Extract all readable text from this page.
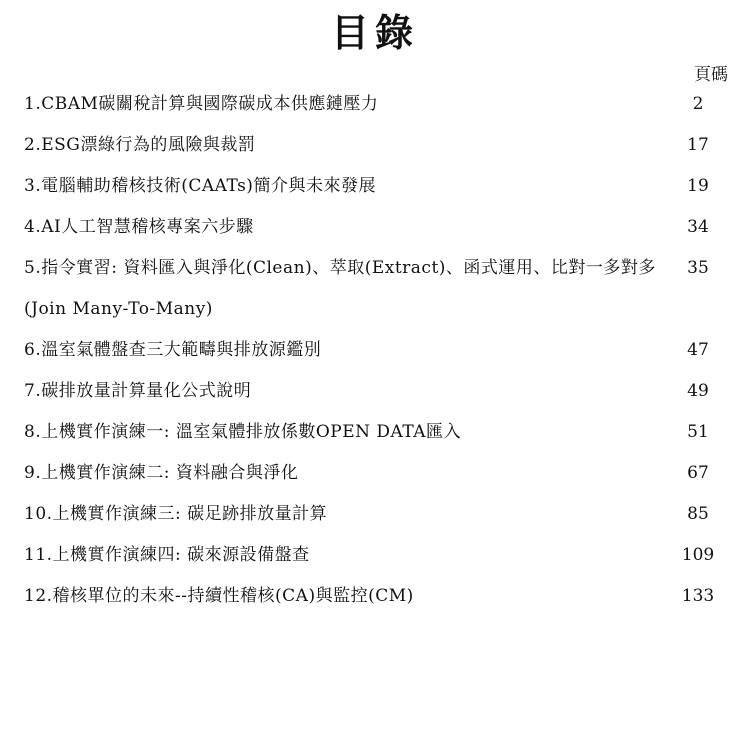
目錄
頁碼
1.CBAM碳關稅計算與國際碳成本供應鏈壓力	2
2.ESG漂綠行為的風險與裁罰	17
3.電腦輔助稽核技術(CAATs)簡介與未來發展	19
4.AI人工智慧稽核專案六步驟	34
5.指令實習: 資料匯入與淨化(Clean)、萃取(Extract)、函式運用、比對一多對多(Join Many-To-Many)
35
6.溫室氣體盤查三大範疇與排放源鑑別	47
7.碳排放量計算量化公式說明	49
8.上機實作演練一: 溫室氣體排放係數OPEN DATA匯入	51
9.上機實作演練二: 資料融合與淨化	67
10.上機實作演練三: 碳足跡排放量計算	85
11.上機實作演練四: 碳來源設備盤查	109
12.稽核單位的未來--持續性稽核(CA)與監控(CM)	133
